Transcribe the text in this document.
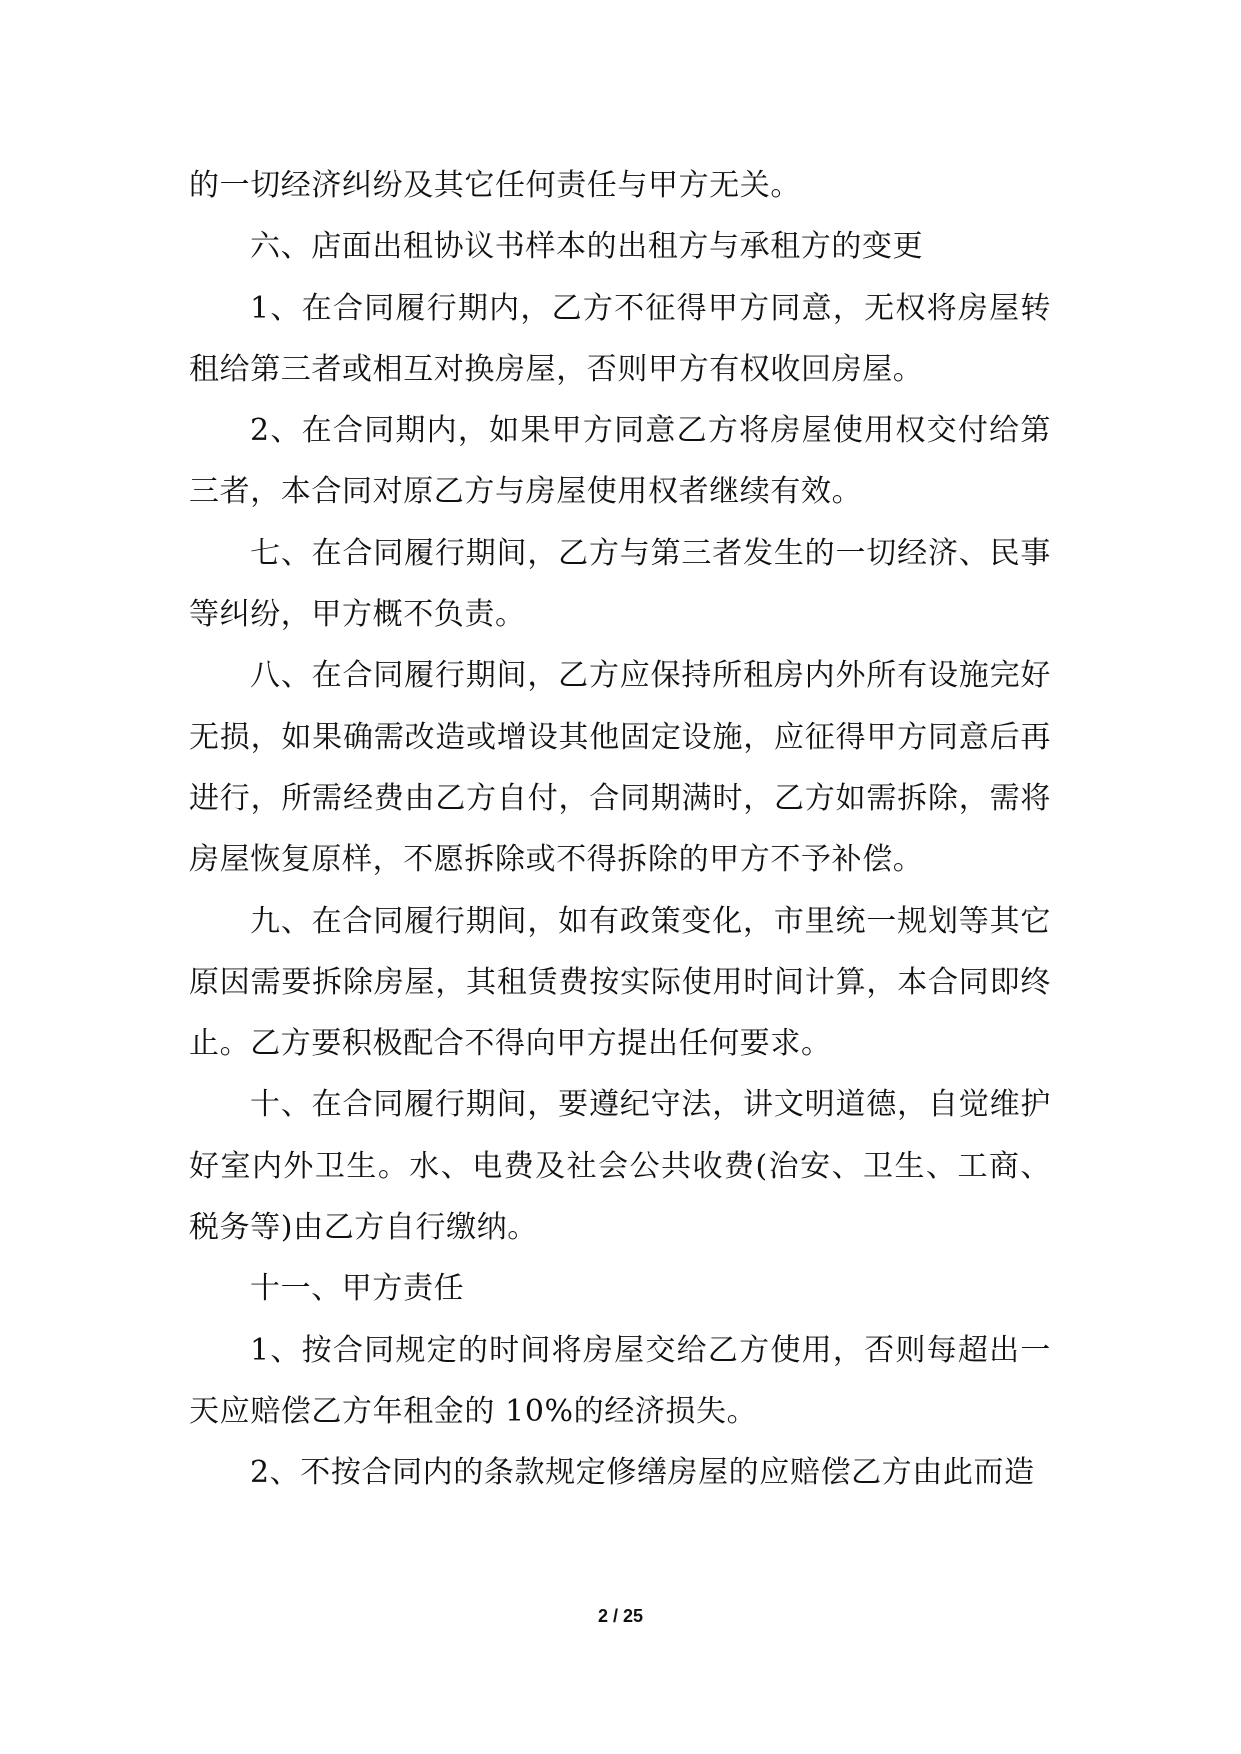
的一切经济纠纷及其它任何责任与甲方无关。

六、店面出租协议书样本的出租方与承租方的变更

1、在合同履行期内，乙方不征得甲方同意，无权将房屋转租给第三者或相互对换房屋，否则甲方有权收回房屋。

2、在合同期内，如果甲方同意乙方将房屋使用权交付给第三者，本合同对原乙方与房屋使用权者继续有效。

七、在合同履行期间，乙方与第三者发生的一切经济、民事等纠纷，甲方概不负责。

八、在合同履行期间，乙方应保持所租房内外所有设施完好无损，如果确需改造或增设其他固定设施，应征得甲方同意后再进行，所需经费由乙方自付，合同期满时，乙方如需拆除，需将房屋恢复原样，不愿拆除或不得拆除的甲方不予补偿。

九、在合同履行期间，如有政策变化，市里统一规划等其它原因需要拆除房屋，其租赁费按实际使用时间计算，本合同即终止。乙方要积极配合不得向甲方提出任何要求。

十、在合同履行期间，要遵纪守法，讲文明道德，自觉维护好室内外卫生。水、电费及社会公共收费(治安、卫生、工商、税务等)由乙方自行缴纳。

十一、甲方责任

1、按合同规定的时间将房屋交给乙方使用，否则每超出一天应赔偿乙方年租金的 10%的经济损失。

2、不按合同内的条款规定修缮房屋的应赔偿乙方由此而造

2 / 25
